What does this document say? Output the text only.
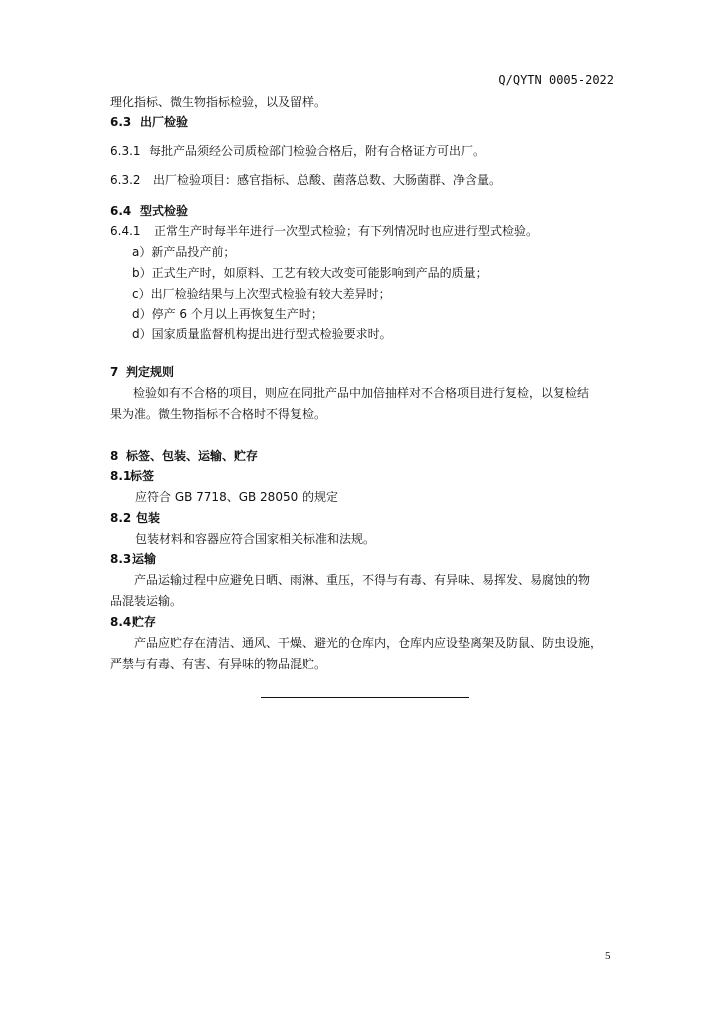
Q/QYTN 0005-2022
理化指标、微生物指标检验，以及留样。
6.3 出厂检验
6.3.1 每批产品须经公司质检部门检验合格后，附有合格证方可出厂。
6.3.2 出厂检验项目：感官指标、总酸、菌落总数、大肠菌群、净含量。
6.4 型式检验
6.4.1 正常生产时每半年进行一次型式检验；有下列情况时也应进行型式检验。
a）新产品投产前；
b）正式生产时，如原料、工艺有较大改变可能影响到产品的质量；
c）出厂检验结果与上次型式检验有较大差异时；
d）停产 6 个月以上再恢复生产时；
d）国家质量监督机构提出进行型式检验要求时。
7 判定规则
检验如有不合格的项目，则应在同批产品中加倍抽样对不合格项目进行复检，以复检结
果为准。微生物指标不合格时不得复检。
8 标签、包装、运输、贮存
8.1标签
应符合 GB 7718、GB 28050 的规定
8.2 包装
包装材料和容器应符合国家相关标准和法规。
8.3运输
产品运输过程中应避免日晒、雨淋、重压，不得与有毒、有异味、易挥发、易腐蚀的物
品混装运输。
8.4贮存
产品应贮存在清洁、通风、干燥、避光的仓库内，仓库内应设垫离架及防鼠、防虫设施，
严禁与有毒、有害、有异味的物品混贮。
5
